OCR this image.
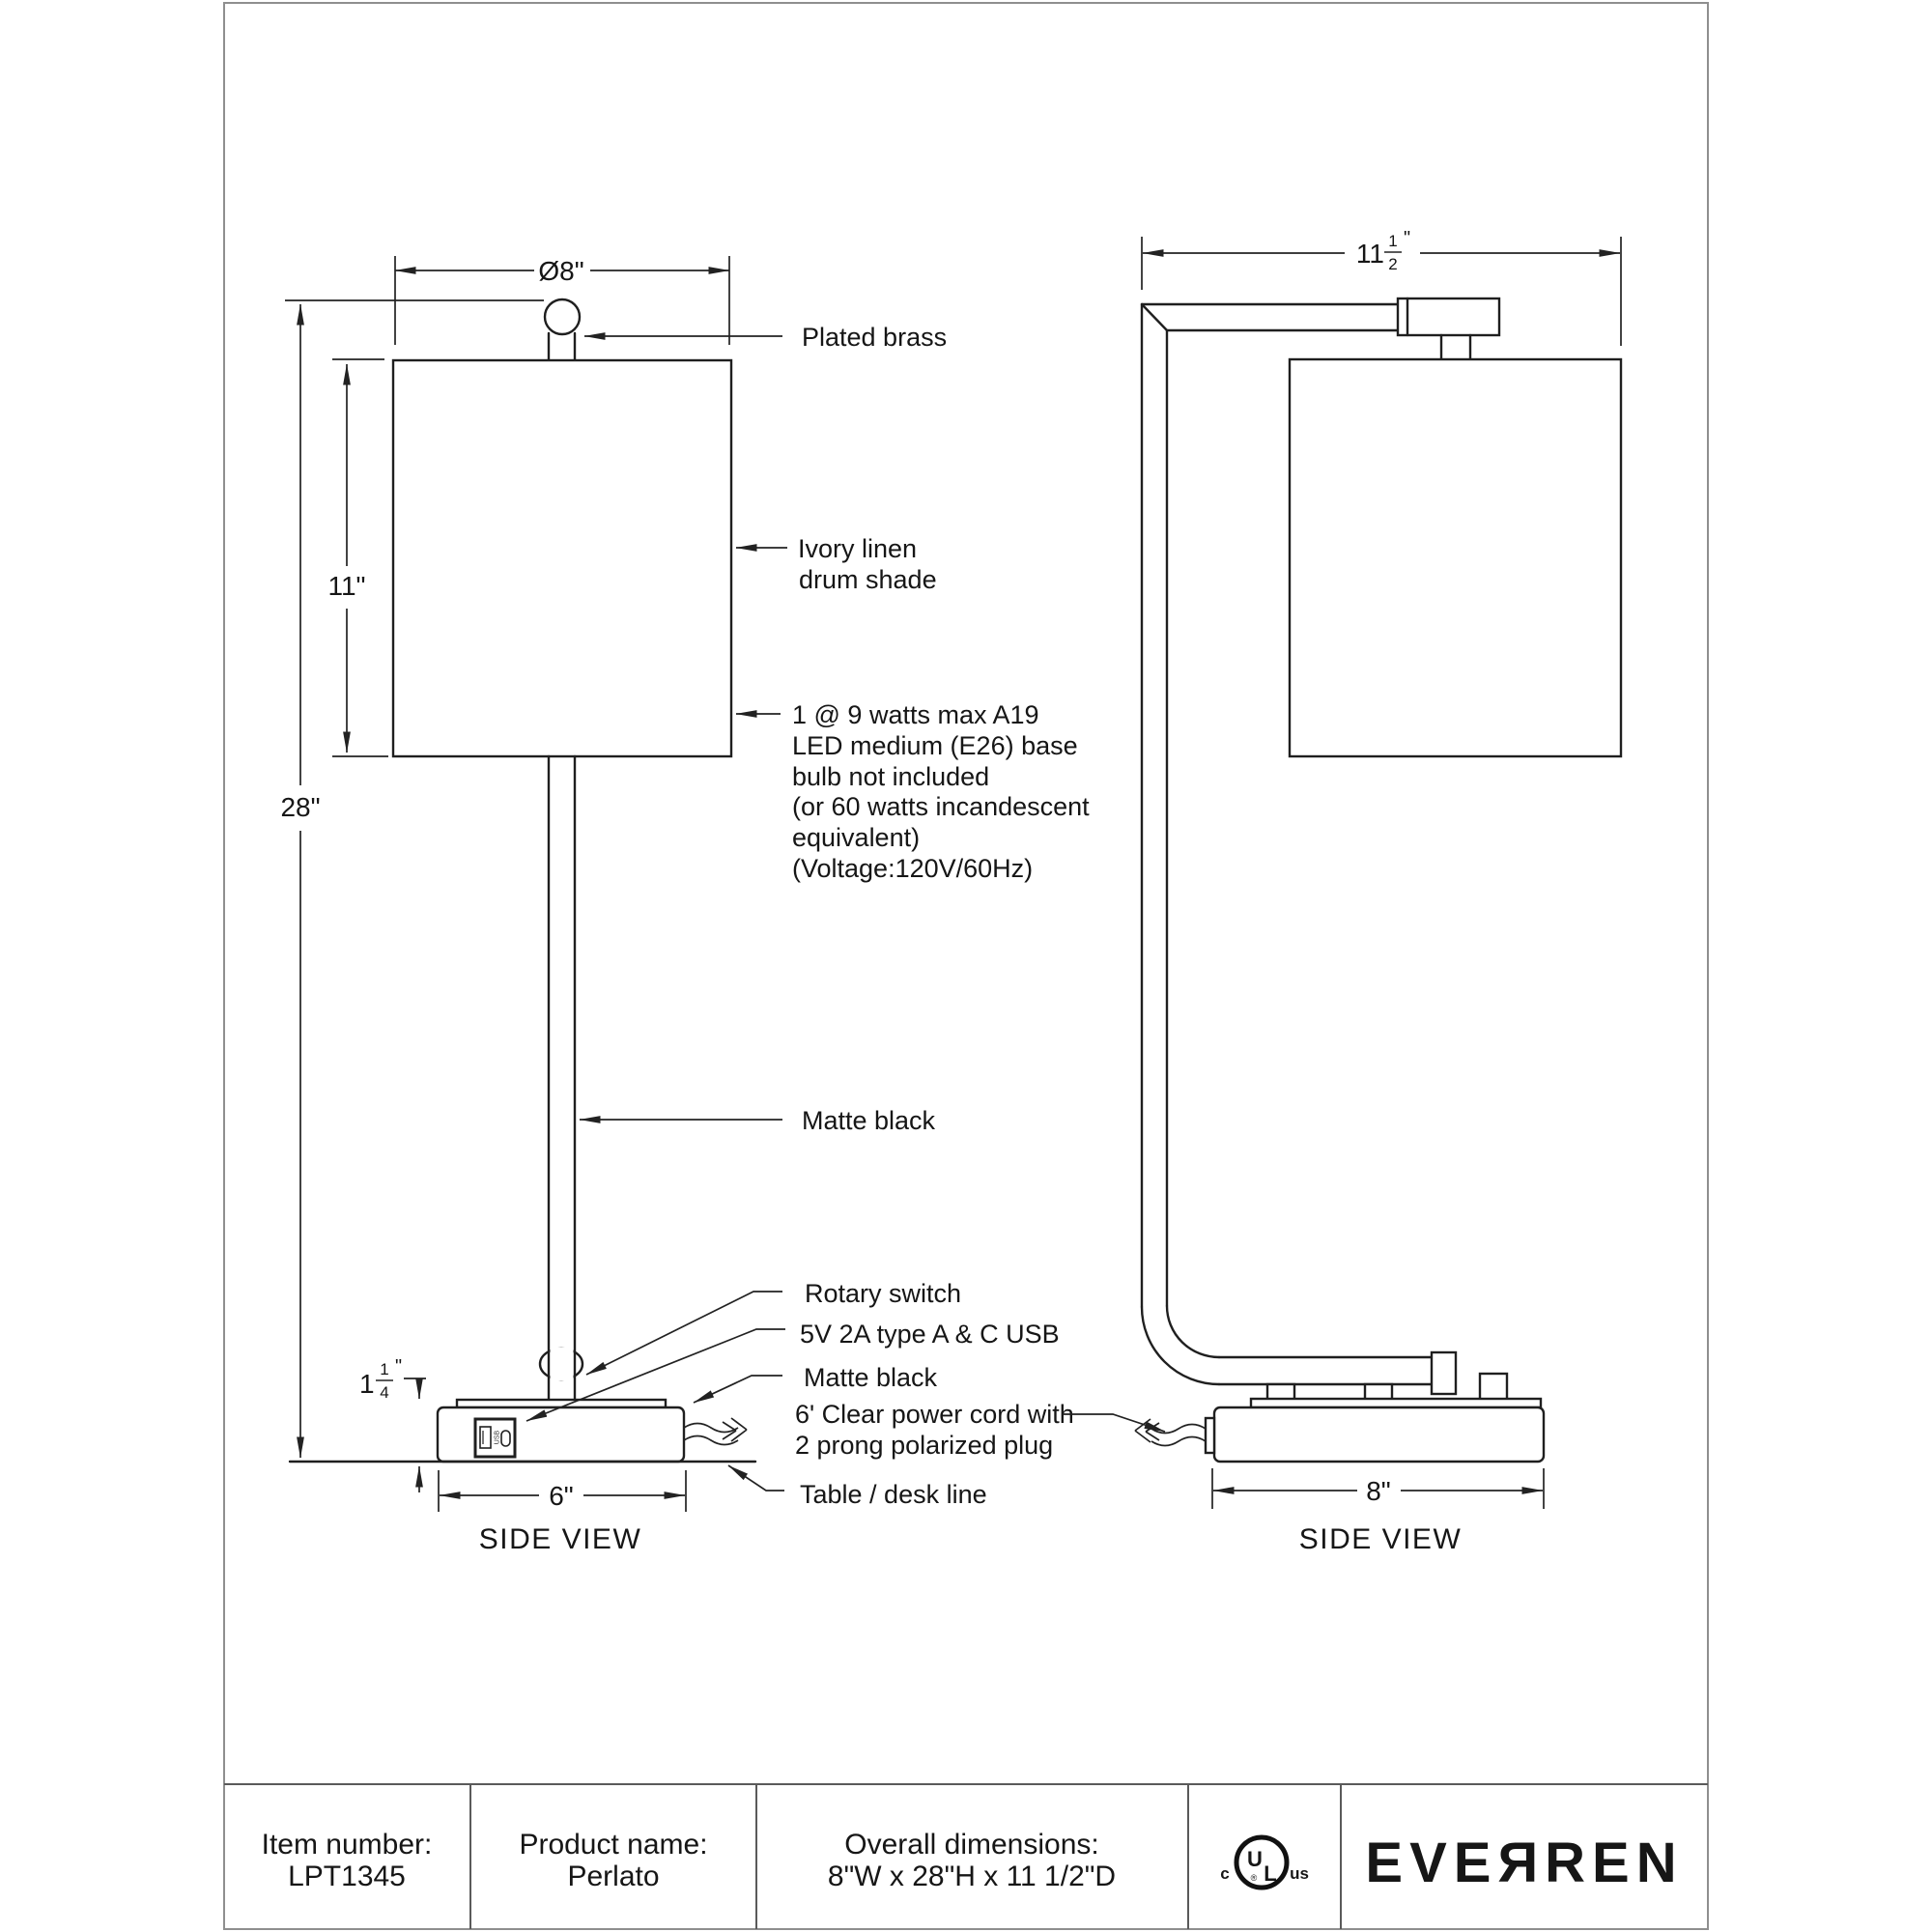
USB
Ø8"
28"
11"
1 1
4
"
6"
Plated brass
Ivory linen
drum shade
1 @ 9 watts max A19
LED medium (E26) base
bulb not included
(or 60 watts incandescent
equivalent)
(Voltage:120V/60Hz)
Matte black
Rotary switch
5V 2A type A & C USB
Matte black
6' Clear power cord with
2 prong polarized plug
Table / desk line
SIDE VIEW
11 1
2
"
8"
SIDE VIEW
Item number:
LPT1345
Product name:
Perlato
Overall dimensions:
8"W x 28"H x 11 1/2"D
U
L
®
c	us EVEЯREN
